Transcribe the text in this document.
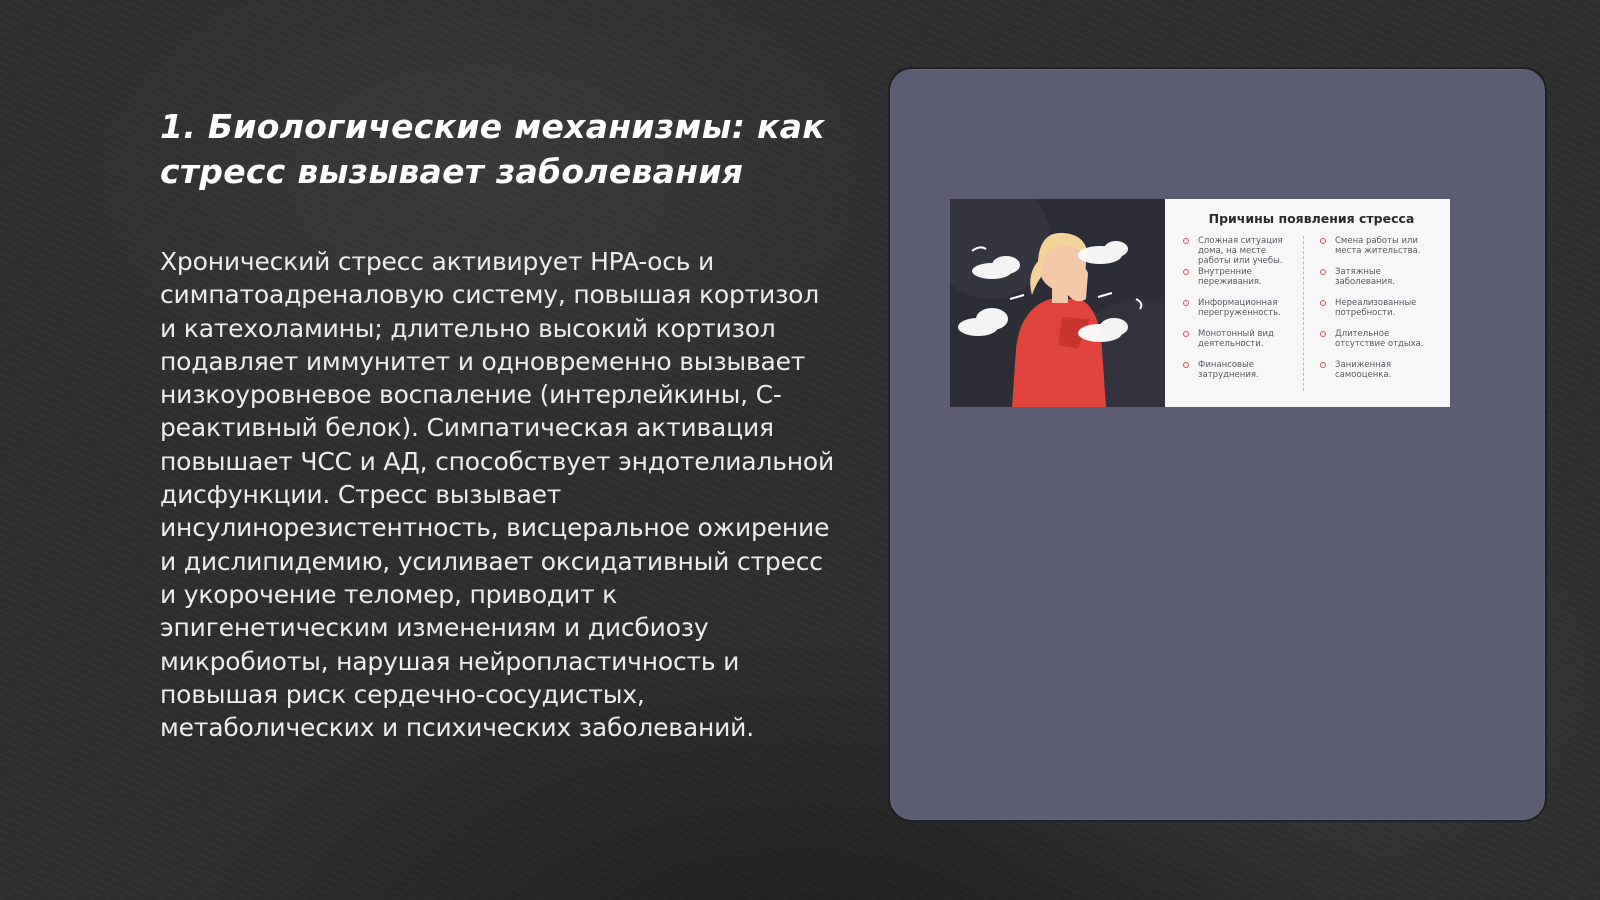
1. Биологические механизмы: как стресс вызывает заболевания

Хронический стресс активирует HPA-ось и симпатоадреналовую систему, повышая кортизол и катехоламины; длительно высокий кортизол подавляет иммунитет и одновременно вызывает низкоуровневое воспаление (интерлейкины, С-реактивный белок). Симпатическая активация повышает ЧСС и АД, способствует эндотелиальной дисфункции. Стресс вызывает инсулинорезистентность, висцеральное ожирение и дислипидемию, усиливает оксидативный стресс и укорочение теломер, приводит к эпигенетическим изменениям и дисбиозу микробиоты, нарушая нейропластичность и повышая риск сердечно-сосудистых, метаболических и психических заболеваний.

Причины появления стресса
Сложная ситуация дома, на месте работы или учебы.
Внутренние переживания.
Информационная перегруженность.
Монотонный вид деятельности.
Финансовые затруднения.
Смена работы или места жительства.
Затяжные заболевания.
Нереализованные потребности.
Длительное отсутствие отдыха.
Заниженная самооценка.
